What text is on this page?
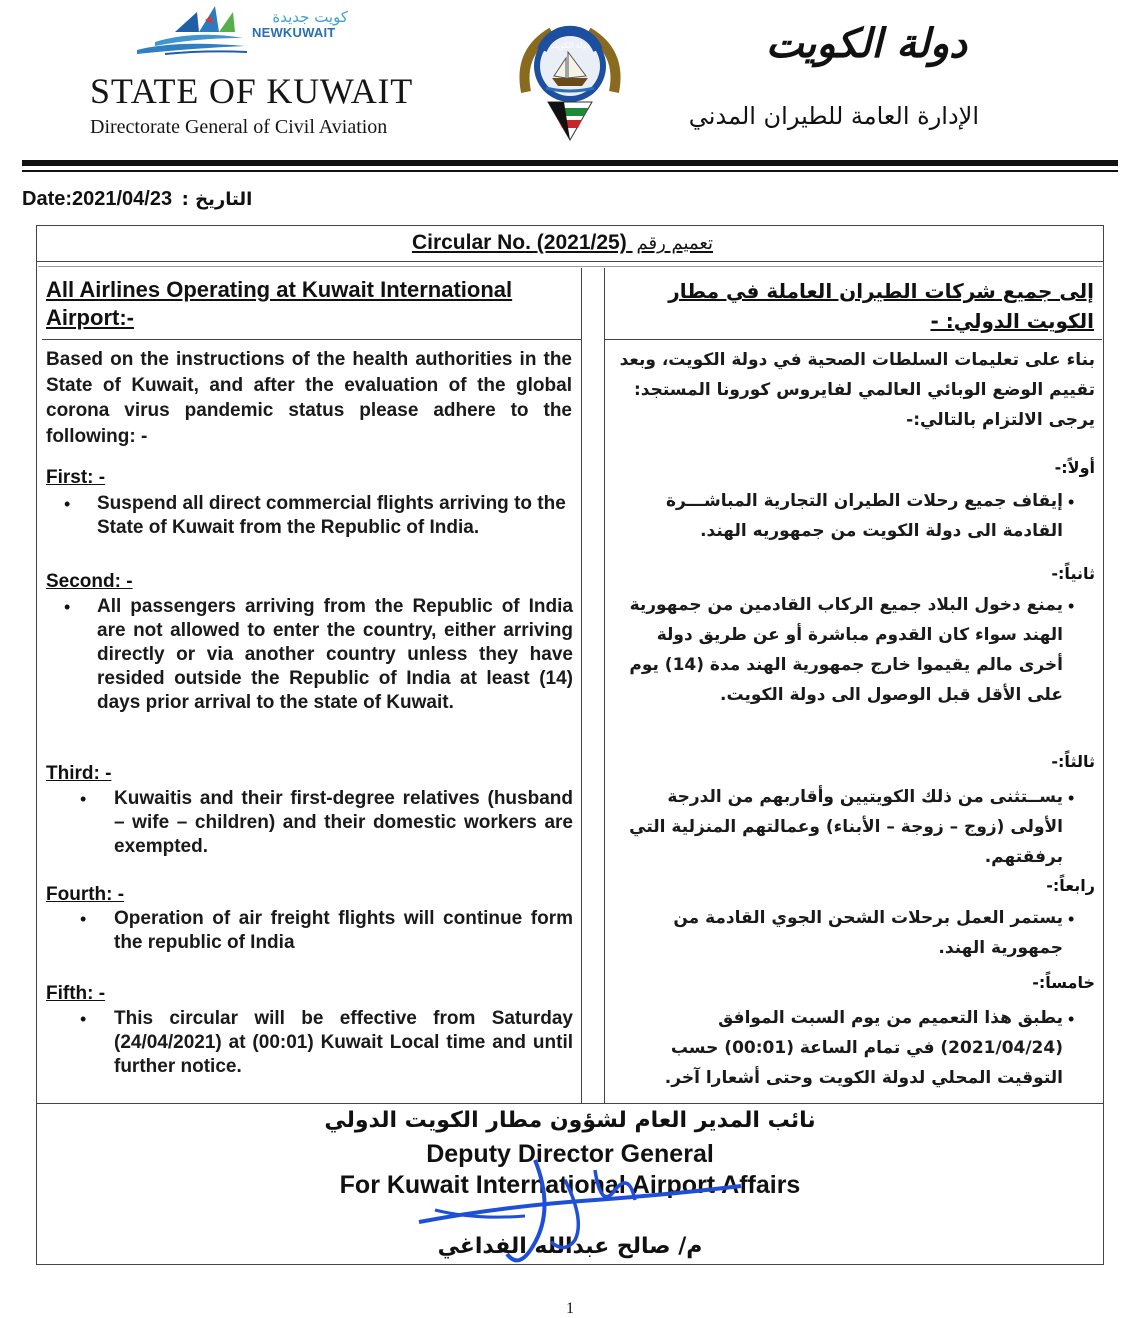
كويت جديدة
NEWKUWAIT
STATE OF KUWAIT
Directorate General of Civil Aviation
دولة الكويت	دولة الكويت
الإدارة العامة للطيران المدني
Date:2021/04/23 : التاريخ
Circular No. (2021/25) تعميم رقم
All Airlines Operating at Kuwait International Airport:-
إلى جميع شركات الطيران العاملة في مطار الكويت الدولي: -
Based on the instructions of the health authorities in the State of Kuwait, and after the evaluation of the global corona virus pandemic status please adhere to the following: -
First: -
• Suspend all direct commercial flights arriving to the State of Kuwait from the Republic of India.
Second: -
• All passengers arriving from the Republic of India are not allowed to enter the country, either arriving directly or via another country unless they have resided outside the Republic of India at least (14) days prior arrival to the state of Kuwait.
Third: -
• Kuwaitis and their first-degree relatives (husband – wife – children) and their domestic workers are exempted.
Fourth: -
• Operation of air freight flights will continue form the republic of India
Fifth: -
• This circular will be effective from Saturday (24/04/2021) at (00:01) Kuwait Local time and until further notice.
بناء على تعليمات السلطات الصحية في دولة الكويت، وبعد تقييم الوضع الوبائي العالمي لفايروس كورونا المستجد: يرجى الالتزام بالتالي:-
أولاً:-
•
إيقاف جميع رحلات الطيران التجارية المباشـــرة القادمة الى دولة الكويت من جمهوريه الهند.
ثانياً:-
•
يمنع دخول البلاد جميع الركاب القادمين من جمهورية الهند سواء كان القدوم مباشرة أو عن طريق دولة أخرى مالم يقيموا خارج جمهورية الهند مدة (14) يوم على الأقل قبل الوصول الى دولة الكويت.
ثالثاً:-
•
يســتثنى من ذلك الكويتيين وأقاربهم من الدرجة الأولى (زوج – زوجة – الأبناء) وعمالتهم المنزلية التي برفقتهم.
رابعاً:-
•
يستمر العمل برحلات الشحن الجوي القادمة من جمهورية الهند.
خامساً:-
•
يطبق هذا التعميم من يوم السبت الموافق (2021/04/24) في تمام الساعة (00:01) حسب التوقيت المحلي لدولة الكويت وحتى أشعارا آخر.
نائب المدير العام لشؤون مطار الكويت الدولي
Deputy Director General
For Kuwait International Airport Affairs
م/ صالح عبدالله الفداغي
1
